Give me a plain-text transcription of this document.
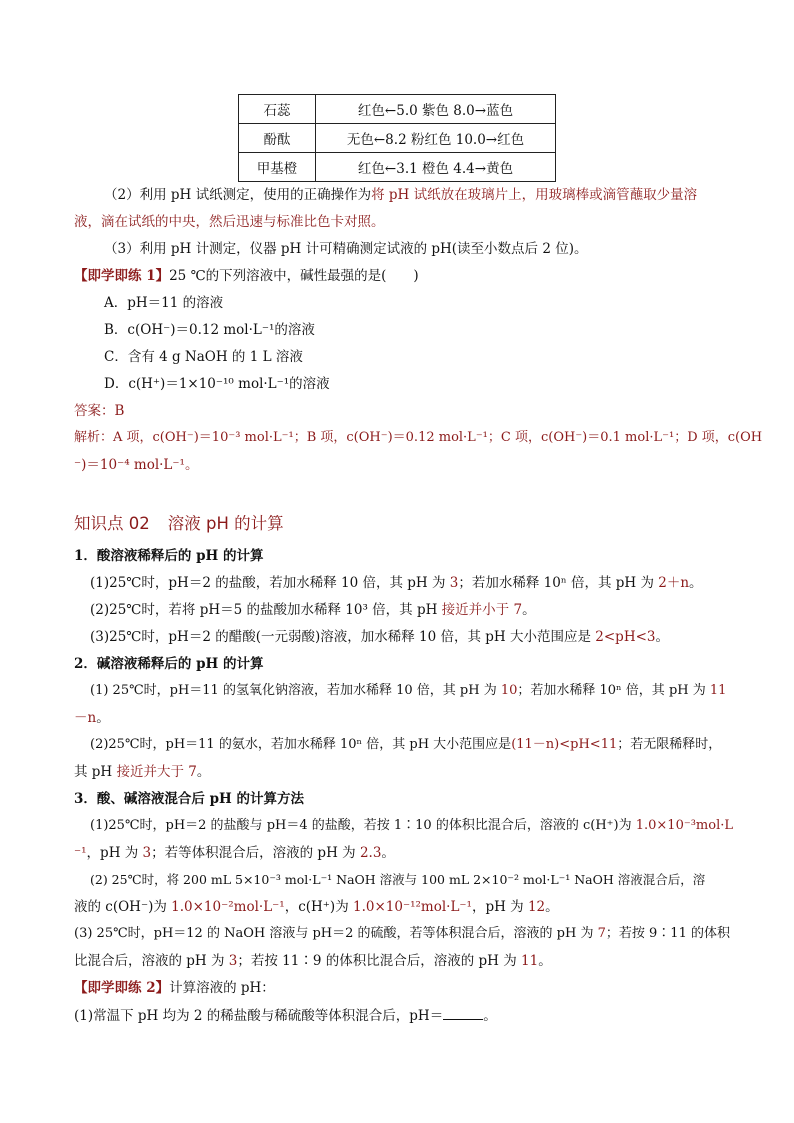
石蕊	红色←5.0 紫色 8.0→蓝色
酚酞	无色←8.2 粉红色 10.0→红色
甲基橙	红色←3.1 橙色 4.4→黄色
（2）利用 pH 试纸测定，使用的正确操作为将 pH 试纸放在玻璃片上，用玻璃棒或滴管蘸取少量溶
液，滴在试纸的中央，然后迅速与标准比色卡对照。
（3）利用 pH 计测定，仪器 pH 计可精确测定试液的 pH(读至小数点后 2 位)。
【即学即练 1】25 ℃的下列溶液中，碱性最强的是(　　)
A．pH＝11 的溶液
B．c(OH⁻)＝0.12 mol·L⁻¹的溶液
C．含有 4 g NaOH 的 1 L 溶液
D．c(H⁺)＝1×10⁻¹⁰ mol·L⁻¹的溶液
答案：B
解析：A 项，c(OH⁻)＝10⁻³ mol·L⁻¹；B 项，c(OH⁻)＝0.12 mol·L⁻¹；C 项，c(OH⁻)＝0.1 mol·L⁻¹；D 项，c(OH
⁻)＝10⁻⁴ mol·L⁻¹。
知识点 02 溶液 pH 的计算
1．酸溶液稀释后的 pH 的计算
(1)25℃时，pH＝2 的盐酸，若加水稀释 10 倍，其 pH 为 3；若加水稀释 10ⁿ 倍，其 pH 为 2＋n。
(2)25℃时，若将 pH＝5 的盐酸加水稀释 10³ 倍，其 pH 接近并小于 7。
(3)25℃时，pH＝2 的醋酸(一元弱酸)溶液，加水稀释 10 倍，其 pH 大小范围应是 2<pH<3。
2．碱溶液稀释后的 pH 的计算
(1) 25℃时，pH＝11 的氢氧化钠溶液，若加水稀释 10 倍，其 pH 为 10；若加水稀释 10ⁿ 倍，其 pH 为 11
－n。
(2)25℃时，pH＝11 的氨水，若加水稀释 10ⁿ 倍，其 pH 大小范围应是(11－n)<pH<11；若无限稀释时，
其 pH 接近并大于 7。
3．酸、碱溶液混合后 pH 的计算方法
(1)25℃时，pH＝2 的盐酸与 pH＝4 的盐酸，若按 1∶10 的体积比混合后，溶液的 c(H⁺)为 1.0×10⁻³mol·L
⁻¹，pH 为 3；若等体积混合后，溶液的 pH 为 2.3。
(2) 25℃时，将 200 mL 5×10⁻³ mol·L⁻¹ NaOH 溶液与 100 mL 2×10⁻² mol·L⁻¹ NaOH 溶液混合后，溶
液的 c(OH⁻)为 1.0×10⁻²mol·L⁻¹，c(H⁺)为 1.0×10⁻¹²mol·L⁻¹，pH 为 12。
(3) 25℃时，pH＝12 的 NaOH 溶液与 pH＝2 的硫酸，若等体积混合后，溶液的 pH 为 7；若按 9∶11 的体积
比混合后，溶液的 pH 为 3；若按 11∶9 的体积比混合后，溶液的 pH 为 11。
【即学即练 2】计算溶液的 pH：
(1)常温下 pH 均为 2 的稀盐酸与稀硫酸等体积混合后，pH＝	。
